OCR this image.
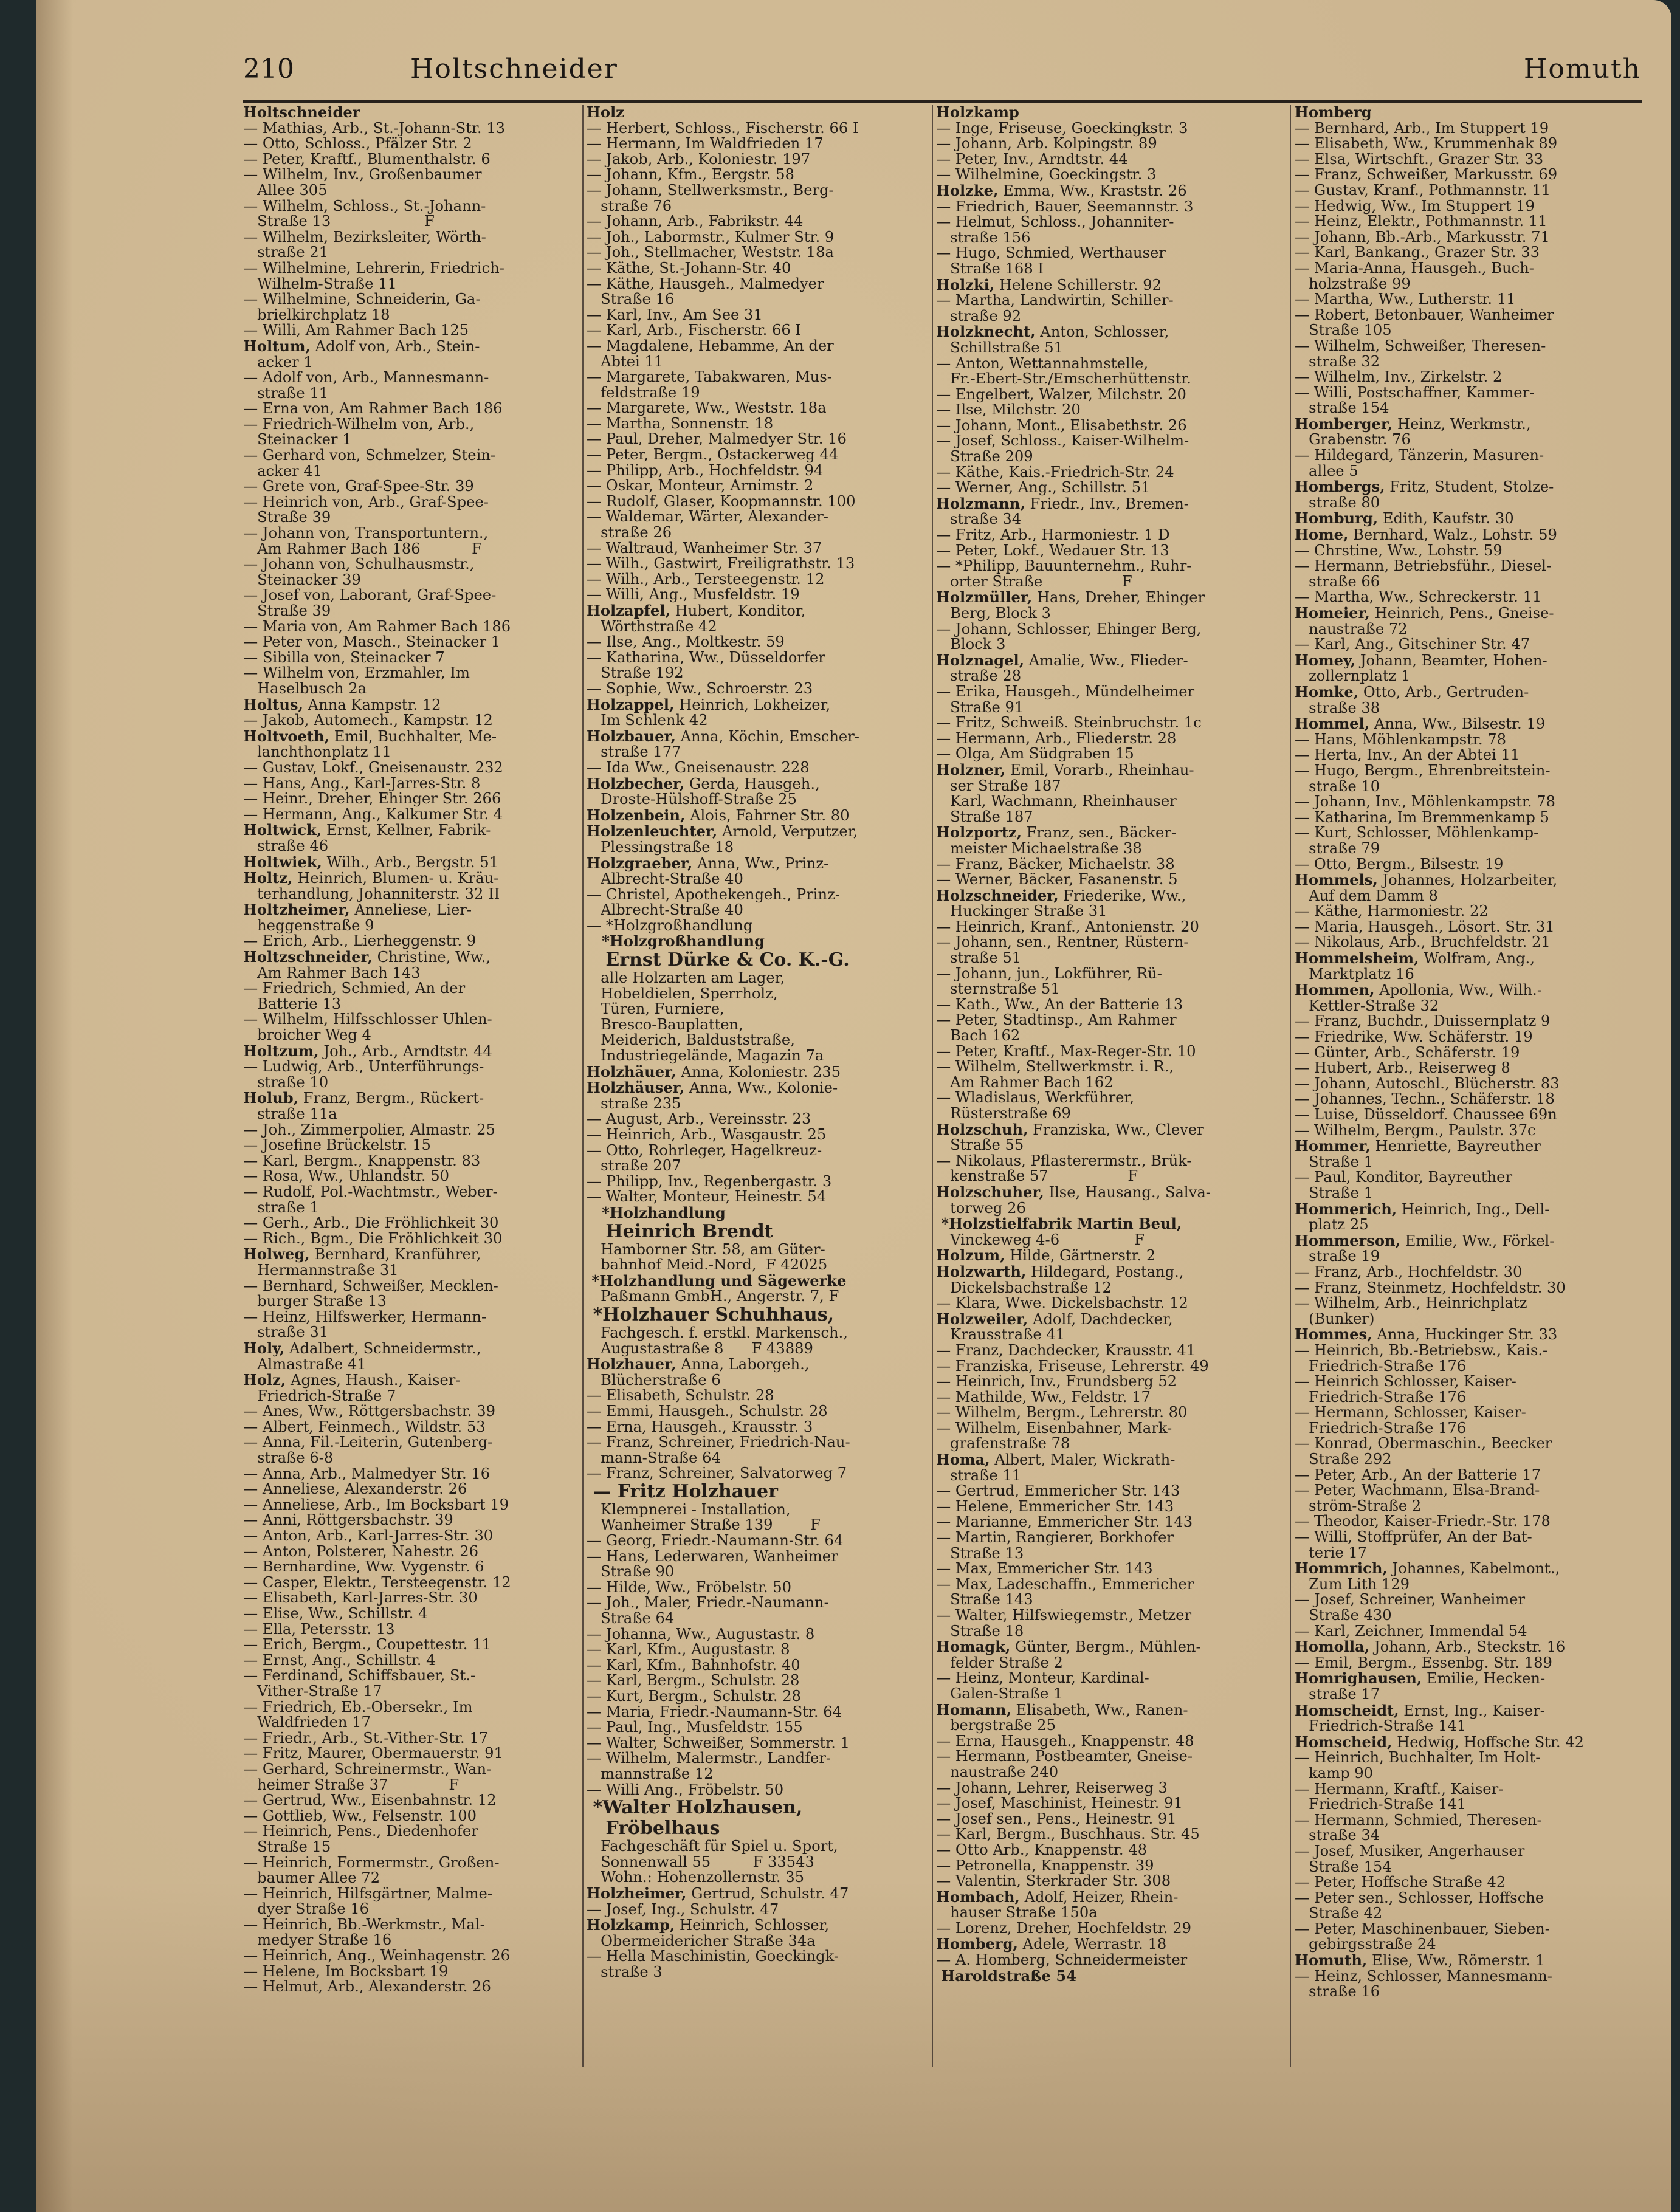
210	Holtschneider	Homuth
Holtschneider
— Mathias, Arb., St.-Johann-Str. 13
— Otto, Schloss., Pfälzer Str. 2
— Peter, Kraftf., Blumenthalstr. 6
— Wilhelm, Inv., Großenbaumer
Allee 305
— Wilhelm, Schloss., St.-Johann-
Straße 13                    F
— Wilhelm, Bezirksleiter, Wörth-
straße 21
— Wilhelmine, Lehrerin, Friedrich-
Wilhelm-Straße 11
— Wilhelmine, Schneiderin, Ga-
brielkirchplatz 18
— Willi, Am Rahmer Bach 125
Holtum, Adolf von, Arb., Stein-
acker 1
— Adolf von, Arb., Mannesmann-
straße 11
— Erna von, Am Rahmer Bach 186
— Friedrich-Wilhelm von, Arb.,
Steinacker 1
— Gerhard von, Schmelzer, Stein-
acker 41
— Grete von, Graf-Spee-Str. 39
— Heinrich von, Arb., Graf-Spee-
Straße 39
— Johann von, Transportuntern.,
Am Rahmer Bach 186           F
— Johann von, Schulhausmstr.,
Steinacker 39
— Josef von, Laborant, Graf-Spee-
Straße 39
— Maria von, Am Rahmer Bach 186
— Peter von, Masch., Steinacker 1
— Sibilla von, Steinacker 7
— Wilhelm von, Erzmahler, Im
Haselbusch 2a
Holtus, Anna Kampstr. 12
— Jakob, Automech., Kampstr. 12
Holtvoeth, Emil, Buchhalter, Me-
lanchthonplatz 11
— Gustav, Lokf., Gneisenaustr. 232
— Hans, Ang., Karl-Jarres-Str. 8
— Heinr., Dreher, Ehinger Str. 266
— Hermann, Ang., Kalkumer Str. 4
Holtwick, Ernst, Kellner, Fabrik-
straße 46
Holtwiek, Wilh., Arb., Bergstr. 51
Holtz, Heinrich, Blumen- u. Kräu-
terhandlung, Johanniterstr. 32 II
Holtzheimer, Anneliese, Lier-
heggenstraße 9
— Erich, Arb., Lierheggenstr. 9
Holtzschneider, Christine, Ww.,
Am Rahmer Bach 143
— Friedrich, Schmied, An der
Batterie 13
— Wilhelm, Hilfsschlosser Uhlen-
broicher Weg 4
Holtzum, Joh., Arb., Arndtstr. 44
— Ludwig, Arb., Unterführungs-
straße 10
Holub, Franz, Bergm., Rückert-
straße 11a
— Joh., Zimmerpolier, Almastr. 25
— Josefine Brückelstr. 15
— Karl, Bergm., Knappenstr. 83
— Rosa, Ww., Uhlandstr. 50
— Rudolf, Pol.-Wachtmstr., Weber-
straße 1
— Gerh., Arb., Die Fröhlichkeit 30
— Rich., Bgm., Die Fröhlichkeit 30
Holweg, Bernhard, Kranführer,
Hermannstraße 31
— Bernhard, Schweißer, Mecklen-
burger Straße 13
— Heinz, Hilfswerker, Hermann-
straße 31
Holy, Adalbert, Schneidermstr.,
Almastraße 41
Holz, Agnes, Haush., Kaiser-
Friedrich-Straße 7
— Anes, Ww., Röttgersbachstr. 39
— Albert, Feinmech., Wildstr. 53
— Anna, Fil.-Leiterin, Gutenberg-
straße 6-8
— Anna, Arb., Malmedyer Str. 16
— Anneliese, Alexanderstr. 26
— Anneliese, Arb., Im Bocksbart 19
— Anni, Röttgersbachstr. 39
— Anton, Arb., Karl-Jarres-Str. 30
— Anton, Polsterer, Nahestr. 26
— Bernhardine, Ww. Vygenstr. 6
— Casper, Elektr., Tersteegenstr. 12
— Elisabeth, Karl-Jarres-Str. 30
— Elise, Ww., Schillstr. 4
— Ella, Petersstr. 13
— Erich, Bergm., Coupettestr. 11
— Ernst, Ang., Schillstr. 4
— Ferdinand, Schiffsbauer, St.-
Vither-Straße 17
— Friedrich, Eb.-Obersekr., Im
Waldfrieden 17
— Friedr., Arb., St.-Vither-Str. 17
— Fritz, Maurer, Obermauerstr. 91
— Gerhard, Schreinermstr., Wan-
heimer Straße 37             F
— Gertrud, Ww., Eisenbahnstr. 12
— Gottlieb, Ww., Felsenstr. 100
— Heinrich, Pens., Diedenhofer
Straße 15
— Heinrich, Formermstr., Großen-
baumer Allee 72
— Heinrich, Hilfsgärtner, Malme-
dyer Straße 16
— Heinrich, Bb.-Werkmstr., Mal-
medyer Straße 16
— Heinrich, Ang., Weinhagenstr. 26
— Helene, Im Bocksbart 19
— Helmut, Arb., Alexanderstr. 26
Holz
— Herbert, Schloss., Fischerstr. 66 I
— Hermann, Im Waldfrieden 17
— Jakob, Arb., Koloniestr. 197
— Johann, Kfm., Eergstr. 58
— Johann, Stellwerksmstr., Berg-
straße 76
— Johann, Arb., Fabrikstr. 44
— Joh., Labormstr., Kulmer Str. 9
— Joh., Stellmacher, Weststr. 18a
— Käthe, St.-Johann-Str. 40
— Käthe, Hausgeh., Malmedyer
Straße 16
— Karl, Inv., Am See 31
— Karl, Arb., Fischerstr. 66 I
— Magdalene, Hebamme, An der
Abtei 11
— Margarete, Tabakwaren, Mus-
feldstraße 19
— Margarete, Ww., Weststr. 18a
— Martha, Sonnenstr. 18
— Paul, Dreher, Malmedyer Str. 16
— Peter, Bergm., Ostackerweg 44
— Philipp, Arb., Hochfeldstr. 94
— Oskar, Monteur, Arnimstr. 2
— Rudolf, Glaser, Koopmannstr. 100
— Waldemar, Wärter, Alexander-
straße 26
— Waltraud, Wanheimer Str. 37
— Wilh., Gastwirt, Freiligrathstr. 13
— Wilh., Arb., Tersteegenstr. 12
— Willi, Ang., Musfeldstr. 19
Holzapfel, Hubert, Konditor,
Wörthstraße 42
— Ilse, Ang., Moltkestr. 59
— Katharina, Ww., Düsseldorfer
Straße 192
— Sophie, Ww., Schroerstr. 23
Holzappel, Heinrich, Lokheizer,
Im Schlenk 42
Holzbauer, Anna, Köchin, Emscher-
straße 177
— Ida Ww., Gneisenaustr. 228
Holzbecher, Gerda, Hausgeh.,
Droste-Hülshoff-Straße 25
Holzenbein, Alois, Fahrner Str. 80
Holzenleuchter, Arnold, Verputzer,
Plessingstraße 18
Holzgraeber, Anna, Ww., Prinz-
Albrecht-Straße 40
— Christel, Apothekengeh., Prinz-
Albrecht-Straße 40
— *Holzgroßhandlung
*Holzgroßhandlung
Ernst Dürke & Co. K.-G.
alle Holzarten am Lager,
Hobeldielen, Sperrholz,
Türen, Furniere,
Bresco-Bauplatten,
Meiderich, Balduststraße,
Industriegelände, Magazin 7a
Holzhäuer, Anna, Koloniestr. 235
Holzhäuser, Anna, Ww., Kolonie-
straße 235
— August, Arb., Vereinsstr. 23
— Heinrich, Arb., Wasgaustr. 25
— Otto, Rohrleger, Hagelkreuz-
straße 207
— Philipp, Inv., Regenbergastr. 3
— Walter, Monteur, Heinestr. 54
*Holzhandlung
Heinrich Brendt
Hamborner Str. 58, am Güter-
bahnhof Meid.-Nord,  F 42025
*Holzhandlung und Sägewerke
Paßmann GmbH., Angerstr. 7, F
*Holzhauer Schuhhaus,
Fachgesch. f. erstkl. Markensch.,
Augustastraße 8      F 43889
Holzhauer, Anna, Laborgeh.,
Blücherstraße 6
— Elisabeth, Schulstr. 28
— Emmi, Hausgeh., Schulstr. 28
— Erna, Hausgeh., Krausstr. 3
— Franz, Schreiner, Friedrich-Nau-
mann-Straße 64
— Franz, Schreiner, Salvatorweg 7
— Fritz Holzhauer
Klempnerei - Installation,
Wanheimer Straße 139        F
— Georg, Friedr.-Naumann-Str. 64
— Hans, Lederwaren, Wanheimer
Straße 90
— Hilde, Ww., Fröbelstr. 50
— Joh., Maler, Friedr.-Naumann-
Straße 64
— Johanna, Ww., Augustastr. 8
— Karl, Kfm., Augustastr. 8
— Karl, Kfm., Bahnhofstr. 40
— Karl, Bergm., Schulstr. 28
— Kurt, Bergm., Schulstr. 28
— Maria, Friedr.-Naumann-Str. 64
— Paul, Ing., Musfeldstr. 155
— Walter, Schweißer, Sommerstr. 1
— Wilhelm, Malermstr., Landfer-
mannstraße 12
— Willi Ang., Fröbelstr. 50
*Walter Holzhausen,
Fröbelhaus
Fachgeschäft für Spiel u. Sport,
Sonnenwall 55         F 33543
Wohn.: Hohenzollernstr. 35
Holzheimer, Gertrud, Schulstr. 47
— Josef, Ing., Schulstr. 47
Holzkamp, Heinrich, Schlosser,
Obermeidericher Straße 34a
— Hella Maschinistin, Goeckingk-
straße 3
Holzkamp
— Inge, Friseuse, Goeckingkstr. 3
— Johann, Arb. Kolpingstr. 89
— Peter, Inv., Arndtstr. 44
— Wilhelmine, Goeckingstr. 3
Holzke, Emma, Ww., Kraststr. 26
— Friedrich, Bauer, Seemannstr. 3
— Helmut, Schloss., Johanniter-
straße 156
— Hugo, Schmied, Werthauser
Straße 168 I
Holzki, Helene Schillerstr. 92
— Martha, Landwirtin, Schiller-
straße 92
Holzknecht, Anton, Schlosser,
Schillstraße 51
— Anton, Wettannahmstelle,
Fr.-Ebert-Str./Emscherhüttenstr.
— Engelbert, Walzer, Milchstr. 20
— Ilse, Milchstr. 20
— Johann, Mont., Elisabethstr. 26
— Josef, Schloss., Kaiser-Wilhelm-
Straße 209
— Käthe, Kais.-Friedrich-Str. 24
— Werner, Ang., Schillstr. 51
Holzmann, Friedr., Inv., Bremen-
straße 34
— Fritz, Arb., Harmoniestr. 1 D
— Peter, Lokf., Wedauer Str. 13
— *Philipp, Bauunternehm., Ruhr-
orter Straße                 F
Holzmüller, Hans, Dreher, Ehinger
Berg, Block 3
— Johann, Schlosser, Ehinger Berg,
Block 3
Holznagel, Amalie, Ww., Flieder-
straße 28
— Erika, Hausgeh., Mündelheimer
Straße 91
— Fritz, Schweiß. Steinbruchstr. 1c
— Hermann, Arb., Fliederstr. 28
— Olga, Am Südgraben 15
Holzner, Emil, Vorarb., Rheinhau-
ser Straße 187
Karl, Wachmann, Rheinhauser
Straße 187
Holzportz, Franz, sen., Bäcker-
meister Michaelstraße 38
— Franz, Bäcker, Michaelstr. 38
— Werner, Bäcker, Fasanenstr. 5
Holzschneider, Friederike, Ww.,
Huckinger Straße 31
— Heinrich, Kranf., Antonienstr. 20
— Johann, sen., Rentner, Rüstern-
straße 51
— Johann, jun., Lokführer, Rü-
sternstraße 51
— Kath., Ww., An der Batterie 13
— Peter, Stadtinsp., Am Rahmer
Bach 162
— Peter, Kraftf., Max-Reger-Str. 10
— Wilhelm, Stellwerkmstr. i. R.,
Am Rahmer Bach 162
— Wladislaus, Werkführer,
Rüsterstraße 69
Holzschuh, Franziska, Ww., Clever
Straße 55
— Nikolaus, Pflasterermstr., Brük-
kenstraße 57                 F
Holzschuher, Ilse, Hausang., Salva-
torweg 26
*Holzstielfabrik Martin Beul,
Vinckeweg 4-6                F
Holzum, Hilde, Gärtnerstr. 2
Holzwarth, Hildegard, Postang.,
Dickelsbachstraße 12
— Klara, Wwe. Dickelsbachstr. 12
Holzweiler, Adolf, Dachdecker,
Krausstraße 41
— Franz, Dachdecker, Krausstr. 41
— Franziska, Friseuse, Lehrerstr. 49
— Heinrich, Inv., Frundsberg 52
— Mathilde, Ww., Feldstr. 17
— Wilhelm, Bergm., Lehrerstr. 80
— Wilhelm, Eisenbahner, Mark-
grafenstraße 78
Homa, Albert, Maler, Wickrath-
straße 11
— Gertrud, Emmericher Str. 143
— Helene, Emmericher Str. 143
— Marianne, Emmericher Str. 143
— Martin, Rangierer, Borkhofer
Straße 13
— Max, Emmericher Str. 143
— Max, Ladeschaffn., Emmericher
Straße 143
— Walter, Hilfswiegemstr., Metzer
Straße 18
Homagk, Günter, Bergm., Mühlen-
felder Straße 2
— Heinz, Monteur, Kardinal-
Galen-Straße 1
Homann, Elisabeth, Ww., Ranen-
bergstraße 25
— Erna, Hausgeh., Knappenstr. 48
— Hermann, Postbeamter, Gneise-
naustraße 240
— Johann, Lehrer, Reiserweg 3
— Josef, Maschinist, Heinestr. 91
— Josef sen., Pens., Heinestr. 91
— Karl, Bergm., Buschhaus. Str. 45
— Otto Arb., Knappenstr. 48
— Petronella, Knappenstr. 39
— Valentin, Sterkrader Str. 308
Hombach, Adolf, Heizer, Rhein-
hauser Straße 150a
— Lorenz, Dreher, Hochfeldstr. 29
Homberg, Adele, Werrastr. 18
— A. Homberg, Schneidermeister
Haroldstraße 54
Homberg
— Bernhard, Arb., Im Stuppert 19
— Elisabeth, Ww., Krummenhak 89
— Elsa, Wirtschft., Grazer Str. 33
— Franz, Schweißer, Markusstr. 69
— Gustav, Kranf., Pothmannstr. 11
— Hedwig, Ww., Im Stuppert 19
— Heinz, Elektr., Pothmannstr. 11
— Johann, Bb.-Arb., Markusstr. 71
— Karl, Bankang., Grazer Str. 33
— Maria-Anna, Hausgeh., Buch-
holzstraße 99
— Martha, Ww., Lutherstr. 11
— Robert, Betonbauer, Wanheimer
Straße 105
— Wilhelm, Schweißer, Theresen-
straße 32
— Wilhelm, Inv., Zirkelstr. 2
— Willi, Postschaffner, Kammer-
straße 154
Homberger, Heinz, Werkmstr.,
Grabenstr. 76
— Hildegard, Tänzerin, Masuren-
allee 5
Hombergs, Fritz, Student, Stolze-
straße 80
Homburg, Edith, Kaufstr. 30
Home, Bernhard, Walz., Lohstr. 59
— Chrstine, Ww., Lohstr. 59
— Hermann, Betriebsführ., Diesel-
straße 66
— Martha, Ww., Schreckerstr. 11
Homeier, Heinrich, Pens., Gneise-
naustraße 72
— Karl, Ang., Gitschiner Str. 47
Homey, Johann, Beamter, Hohen-
zollernplatz 1
Homke, Otto, Arb., Gertruden-
straße 38
Hommel, Anna, Ww., Bilsestr. 19
— Hans, Möhlenkampstr. 78
— Herta, Inv., An der Abtei 11
— Hugo, Bergm., Ehrenbreitstein-
straße 10
— Johann, Inv., Möhlenkampstr. 78
— Katharina, Im Bremmenkamp 5
— Kurt, Schlosser, Möhlenkamp-
straße 79
— Otto, Bergm., Bilsestr. 19
Hommels, Johannes, Holzarbeiter,
Auf dem Damm 8
— Käthe, Harmoniestr. 22
— Maria, Hausgeh., Lösort. Str. 31
— Nikolaus, Arb., Bruchfeldstr. 21
Hommelsheim, Wolfram, Ang.,
Marktplatz 16
Hommen, Apollonia, Ww., Wilh.-
Kettler-Straße 32
— Franz, Buchdr., Duissernplatz 9
— Friedrike, Ww. Schäferstr. 19
— Günter, Arb., Schäferstr. 19
— Hubert, Arb., Reiserweg 8
— Johann, Autoschl., Blücherstr. 83
— Johannes, Techn., Schäferstr. 18
— Luise, Düsseldorf. Chaussee 69n
— Wilhelm, Bergm., Paulstr. 37c
Hommer, Henriette, Bayreuther
Straße 1
— Paul, Konditor, Bayreuther
Straße 1
Hommerich, Heinrich, Ing., Dell-
platz 25
Hommerson, Emilie, Ww., Förkel-
straße 19
— Franz, Arb., Hochfeldstr. 30
— Franz, Steinmetz, Hochfeldstr. 30
— Wilhelm, Arb., Heinrichplatz
(Bunker)
Hommes, Anna, Huckinger Str. 33
— Heinrich, Bb.-Betriebsw., Kais.-
Friedrich-Straße 176
— Heinrich Schlosser, Kaiser-
Friedrich-Straße 176
— Hermann, Schlosser, Kaiser-
Friedrich-Straße 176
— Konrad, Obermaschin., Beecker
Straße 292
— Peter, Arb., An der Batterie 17
— Peter, Wachmann, Elsa-Brand-
ström-Straße 2
— Theodor, Kaiser-Friedr.-Str. 178
— Willi, Stoffprüfer, An der Bat-
terie 17
Hommrich, Johannes, Kabelmont.,
Zum Lith 129
— Josef, Schreiner, Wanheimer
Straße 430
— Karl, Zeichner, Immendal 54
Homolla, Johann, Arb., Steckstr. 16
— Emil, Bergm., Essenbg. Str. 189
Homrighausen, Emilie, Hecken-
straße 17
Homscheidt, Ernst, Ing., Kaiser-
Friedrich-Straße 141
Homscheid, Hedwig, Hoffsche Str. 42
— Heinrich, Buchhalter, Im Holt-
kamp 90
— Hermann, Kraftf., Kaiser-
Friedrich-Straße 141
— Hermann, Schmied, Theresen-
straße 34
— Josef, Musiker, Angerhauser
Straße 154
— Peter, Hoffsche Straße 42
— Peter sen., Schlosser, Hoffsche
Straße 42
— Peter, Maschinenbauer, Sieben-
gebirgsstraße 24
Homuth, Elise, Ww., Römerstr. 1
— Heinz, Schlosser, Mannesmann-
straße 16
